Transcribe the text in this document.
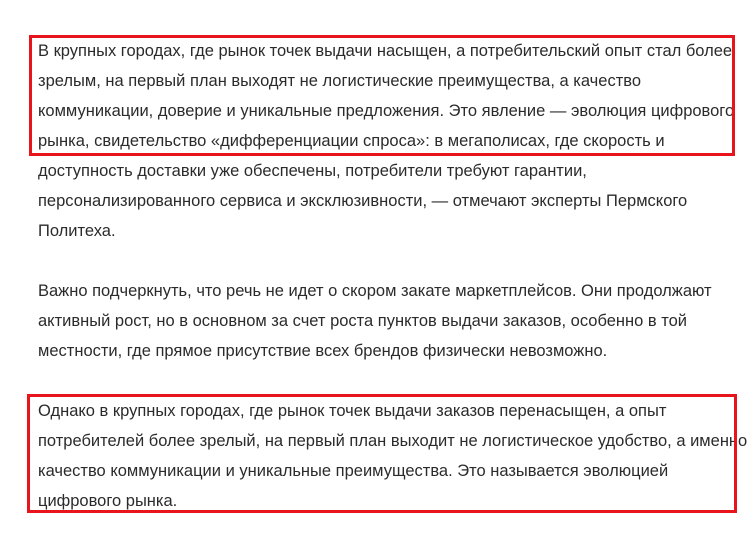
В крупных городах, где рынок точек выдачи насыщен, а потребительский опыт стал более
зрелым, на первый план выходят не логистические преимущества, а качество
коммуникации, доверие и уникальные предложения. Это явление — эволюция цифрового
рынка, свидетельство «дифференциации спроса»: в мегаполисах, где скорость и
доступность доставки уже обеспечены, потребители требуют гарантии,
персонализированного сервиса и эксклюзивности, — отмечают эксперты Пермского
Политеха.

Важно подчеркнуть, что речь не идет о скором закате маркетплейсов. Они продолжают
активный рост, но в основном за счет роста пунктов выдачи заказов, особенно в той
местности, где прямое присутствие всех брендов физически невозможно.

Однако в крупных городах, где рынок точек выдачи заказов перенасыщен, а опыт
потребителей более зрелый, на первый план выходит не логистическое удобство, а именно
качество коммуникации и уникальные преимущества. Это называется эволюцией
цифрового рынка.
